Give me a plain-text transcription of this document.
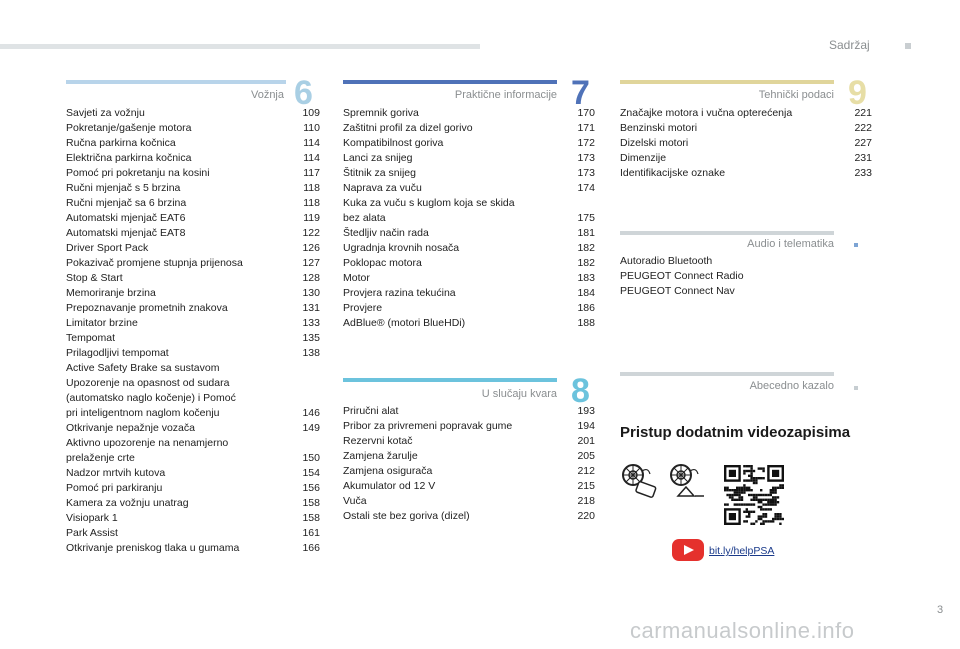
Sadržaj
Vožnja 6
Savjeti za vožnju	109
Pokretanje/gašenje motora	110
Ručna parkirna kočnica	114
Električna parkirna kočnica	114
Pomoć pri pokretanju na kosini	117
Ručni mjenjač s 5 brzina	118
Ručni mjenjač sa 6 brzina	118
Automatski mjenjač EAT6	119
Automatski mjenjač EAT8	122
Driver Sport Pack	126
Pokazivač promjene stupnja prijenosa	127
Stop & Start	128
Memoriranje brzina	130
Prepoznavanje prometnih znakova	131
Limitator brzine	133
Tempomat	135
Prilagodljivi tempomat	138
Active Safety Brake sa sustavom
Upozorenje na opasnost od sudara
(automatsko naglo kočenje) i Pomoć
pri inteligentnom naglom kočenju	146
Otkrivanje nepažnje vozača	149
Aktivno upozorenje na nenamjerno
prelaženje crte	150
Nadzor mrtvih kutova	154
Pomoć pri parkiranju	156
Kamera za vožnju unatrag	158
Visiopark 1	158
Park Assist	161
Otkrivanje preniskog tlaka u gumama	166
Praktične informacije 7
Spremnik goriva	170
Zaštitni profil za dizel gorivo	171
Kompatibilnost goriva	172
Lanci za snijeg	173
Štitnik za snijeg	173
Naprava za vuču	174
Kuka za vuču s kuglom koja se skida
bez alata	175
Štedljiv način rada	181
Ugradnja krovnih nosača	182
Poklopac motora	182
Motor	183
Provjera razina tekućina	184
Provjere	186
AdBlue® (motori BlueHDi)	188
U slučaju kvara 8
Priručni alat	193
Pribor za privremeni popravak gume	194
Rezervni kotač	201
Zamjena žarulje	205
Zamjena osigurača	212
Akumulator od 12 V	215
Vuča	218
Ostali ste bez goriva (dizel)	220
Tehnički podaci 9
Značajke motora i vučna opterećenja	221
Benzinski motori	222
Dizelski motori	227
Dimenzije	231
Identifikacijske oznake	233
Audio i telematika
Autoradio Bluetooth
PEUGEOT Connect Radio
PEUGEOT Connect Nav
Abecedno kazalo
Pristup dodatnim videozapisima
bit.ly/helpPSA
3
carmanualsonline.info
